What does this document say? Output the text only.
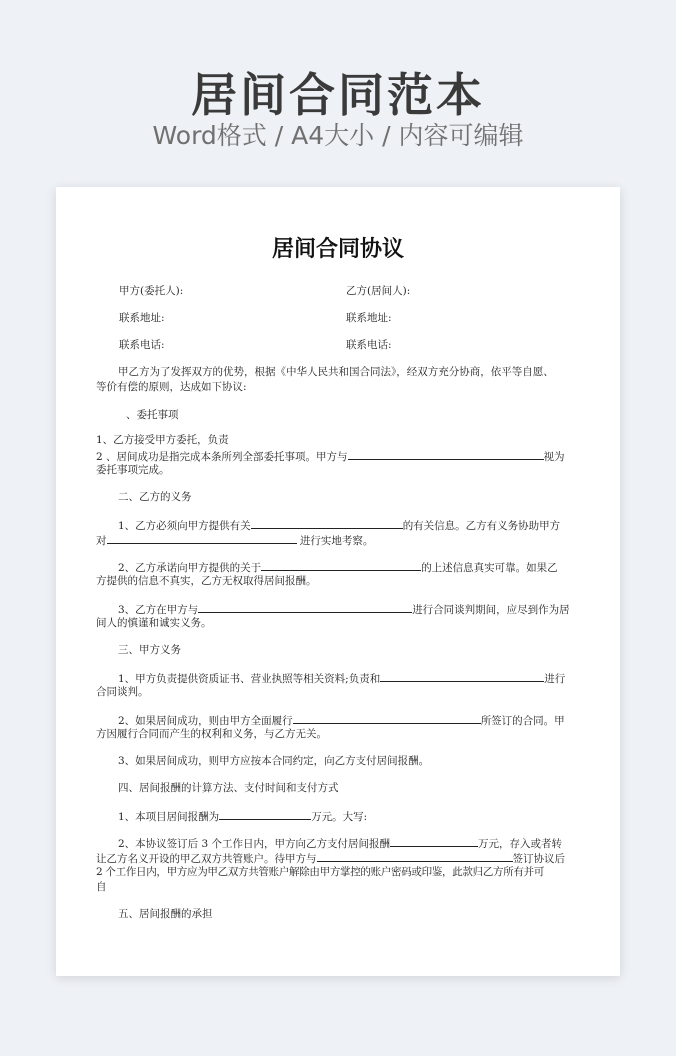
居间合同范本
Word格式 / A4大小 / 内容可编辑
居间合同协议
甲方(委托人):	乙方(居间人):
联系地址:	联系地址:
联系电话:	联系电话:
甲乙方为了发挥双方的优势，根据《中华人民共和国合同法》，经双方充分协商，依平等自愿、
等价有偿的原则，达成如下协议:
、委托事项
1、乙方接受甲方委托，负责
2 、居间成功是指完成本条所列全部委托事项。甲方与	视为
委托事项完成。
二、乙方的义务
1、乙方必须向甲方提供有关	的有关信息。乙方有义务协助甲方
对	进行实地考察。
2、乙方承诺向甲方提供的关于	的上述信息真实可靠。如果乙
方提供的信息不真实，乙方无权取得居间报酬。
3、乙方在甲方与	进行合同谈判期间，应尽到作为居
间人的慎谨和诚实义务。
三、甲方义务
1、甲方负责提供资质证书、营业执照等相关资料;负责和	进行
合同谈判。
2、如果居间成功，则由甲方全面履行	所签订的合同。甲
方因履行合同而产生的权利和义务，与乙方无关。
3、如果居间成功，则甲方应按本合同约定，向乙方支付居间报酬。
四、居间报酬的计算方法、支付时间和支付方式
1、本项目居间报酬为	万元。大写:
2、本协议签订后 3 个工作日内，甲方向乙方支付居间报酬	万元，存入或者转
让乙方名义开设的甲乙双方共管账户。待甲方与	签订协议后
2 个工作日内，甲方应为甲乙双方共管账户解除由甲方掌控的账户密码或印鉴，此款归乙方所有并可
自
五、居间报酬的承担
